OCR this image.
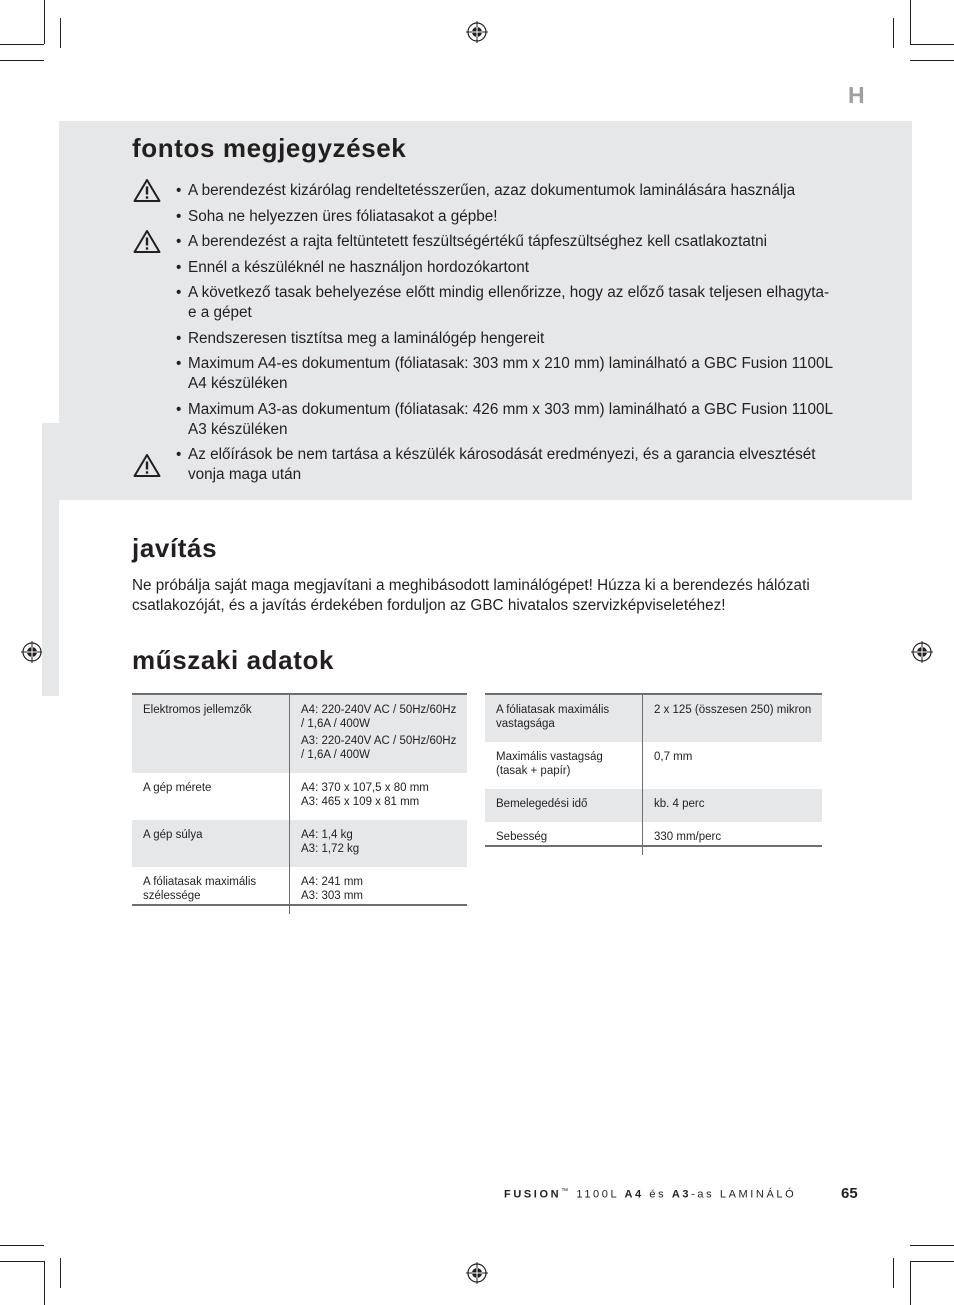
H
fontos megjegyzések
• A berendezést kizárólag rendeltetésszerűen, azaz dokumentumok laminálására használja
• Soha ne helyezzen üres fóliatasakot a gépbe!
• A berendezést a rajta feltüntetett feszültségértékű tápfeszültséghez kell csatlakoztatni
• Ennél a készüléknél ne használjon hordozókartont
• A következő tasak behelyezése előtt mindig ellenőrizze, hogy az előző tasak teljesen elhagyta-e a gépet
• Rendszeresen tisztítsa meg a laminálógép hengereit
• Maximum A4-es dokumentum (fóliatasak: 303 mm x 210 mm) laminálható a GBC Fusion 1100L A4 készüléken
• Maximum A3-as dokumentum (fóliatasak: 426 mm x 303 mm) laminálható a GBC Fusion 1100L A3 készüléken
• Az előírások be nem tartása a készülék károsodását eredményezi, és a garancia elvesztését vonja maga után
javítás

Ne próbálja saját maga megjavítani a meghibásodott laminálógépet! Húzza ki a berendezés hálózati csatlakozóját, és a javítás érdekében forduljon az GBC hivatalos szervizképviseletéhez!

műszaki adatok
Elektromos jellemzők	A4: 220-240V AC / 50Hz/60Hz / 1,6A / 400W
A3: 220-240V AC / 50Hz/60Hz / 1,6A / 400W

A gép mérete	A4: 370 x 107,5 x 80 mm
A3: 465 x 109 x 81 mm

A gép súlya	A4: 1,4 kg
A3: 1,72 kg

A fóliatasak maximális szélessége	A4: 241 mm
A3: 303 mm
A fóliatasak maximális vastagsága	2 x 125 (összesen 250) mikron
Maximális vastagság (tasak + papír)	0,7 mm
Bemelegedési idő	kb. 4 perc
Sebesség	330 mm/perc
FUSION™ 1100L A4 és A3-as LAMINÁLÓ	65
